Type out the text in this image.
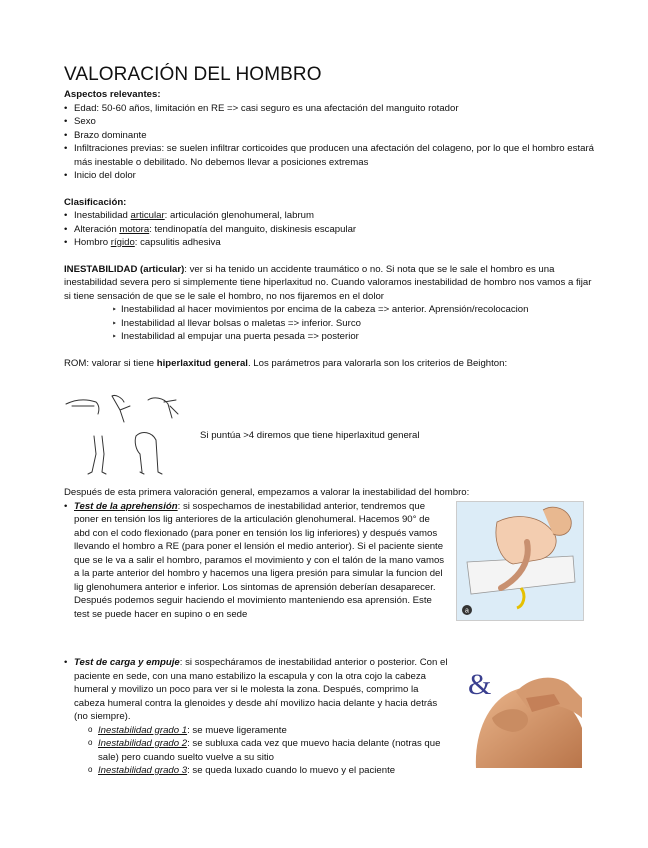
VALORACIÓN DEL HOMBRO

Aspectos relevantes:

• Edad: 50-60 años, limitación en RE => casi seguro es una afectación del manguito rotador
• Sexo
• Brazo dominante
• Infiltraciones previas: se suelen infiltrar corticoides que producen una afectación del colageno, por lo que el hombro estará más inestable o debilitado. No debemos llevar a posiciones extremas
• Inicio del dolor

Clasificación:

• Inestabilidad articular: articulación glenohumeral, labrum
• Alteración motora: tendinopatía del manguito, diskinesis escapular
• Hombro rígido: capsulitis adhesiva

INESTABILIDAD (articular): ver si ha tenido un accidente traumático o no. Si nota que se le sale el hombro es una inestabilidad severa pero si simplemente tiene hiperlaxitud no. Cuando valoramos inestabilidad de hombro nos vamos a fijar si tiene sensación de que se le sale el hombro, no nos fijaremos en el dolor

‣ Inestabilidad al hacer movimientos por encima de la cabeza => anterior. Aprensión/recolocacion
‣ Inestabilidad al llevar bolsas o maletas => inferior. Surco
‣ Inestabilidad al empujar una puerta pesada => posterior

ROM: valorar si tiene hiperlaxitud general. Los parámetros para valorarla son los criterios de Beighton:

Si puntúa >4 diremos que tiene hiperlaxitud general

Después de esta primera valoración general, empezamos a valorar la inestabilidad del hombro:

• Test de la aprehensión: si sospechamos de inestabilidad anterior, tendremos que poner en tensión los lig anteriores de la articulación glenohumeral. Hacemos 90° de abd con el codo flexionado (para poner en tensión los lig inferiores) y después vamos llevando el hombro a RE (para poner el lensión el medio anterior). Si el paciente siente que se le va a salir el hombro, paramos el movimiento y con el talón de la mano vamos a la parte anterior del hombro y hacemos una ligera presión para simular la funcion del lig glenohumera anterior e inferior. Los sintomas de aprensión deberían desaparecer. Después podemos seguir haciendo el movimiento manteniendo esa aprensión. Este test se puede hacer en supino o en sede	a
• Test de carga y empuje: si sospecháramos de inestabilidad anterior o posterior. Con el paciente en sede, con una mano estabilizo la escapula y con la otra cojo la cabeza humeral y movilizo un poco para ver si le molesta la zona. Después, comprimo la cabeza humeral contra la glenoides y desde ahí movilizo hacia delante y hacia detrás (no siempre).
o Inestabilidad grado 1: se mueve ligeramente
o Inestabilidad grado 2: se subluxa cada vez que muevo hacia delante (notras que sale) pero cuando suelto vuelve a su sitio
o Inestabilidad grado 3: se queda luxado cuando lo muevo y el paciente
&
